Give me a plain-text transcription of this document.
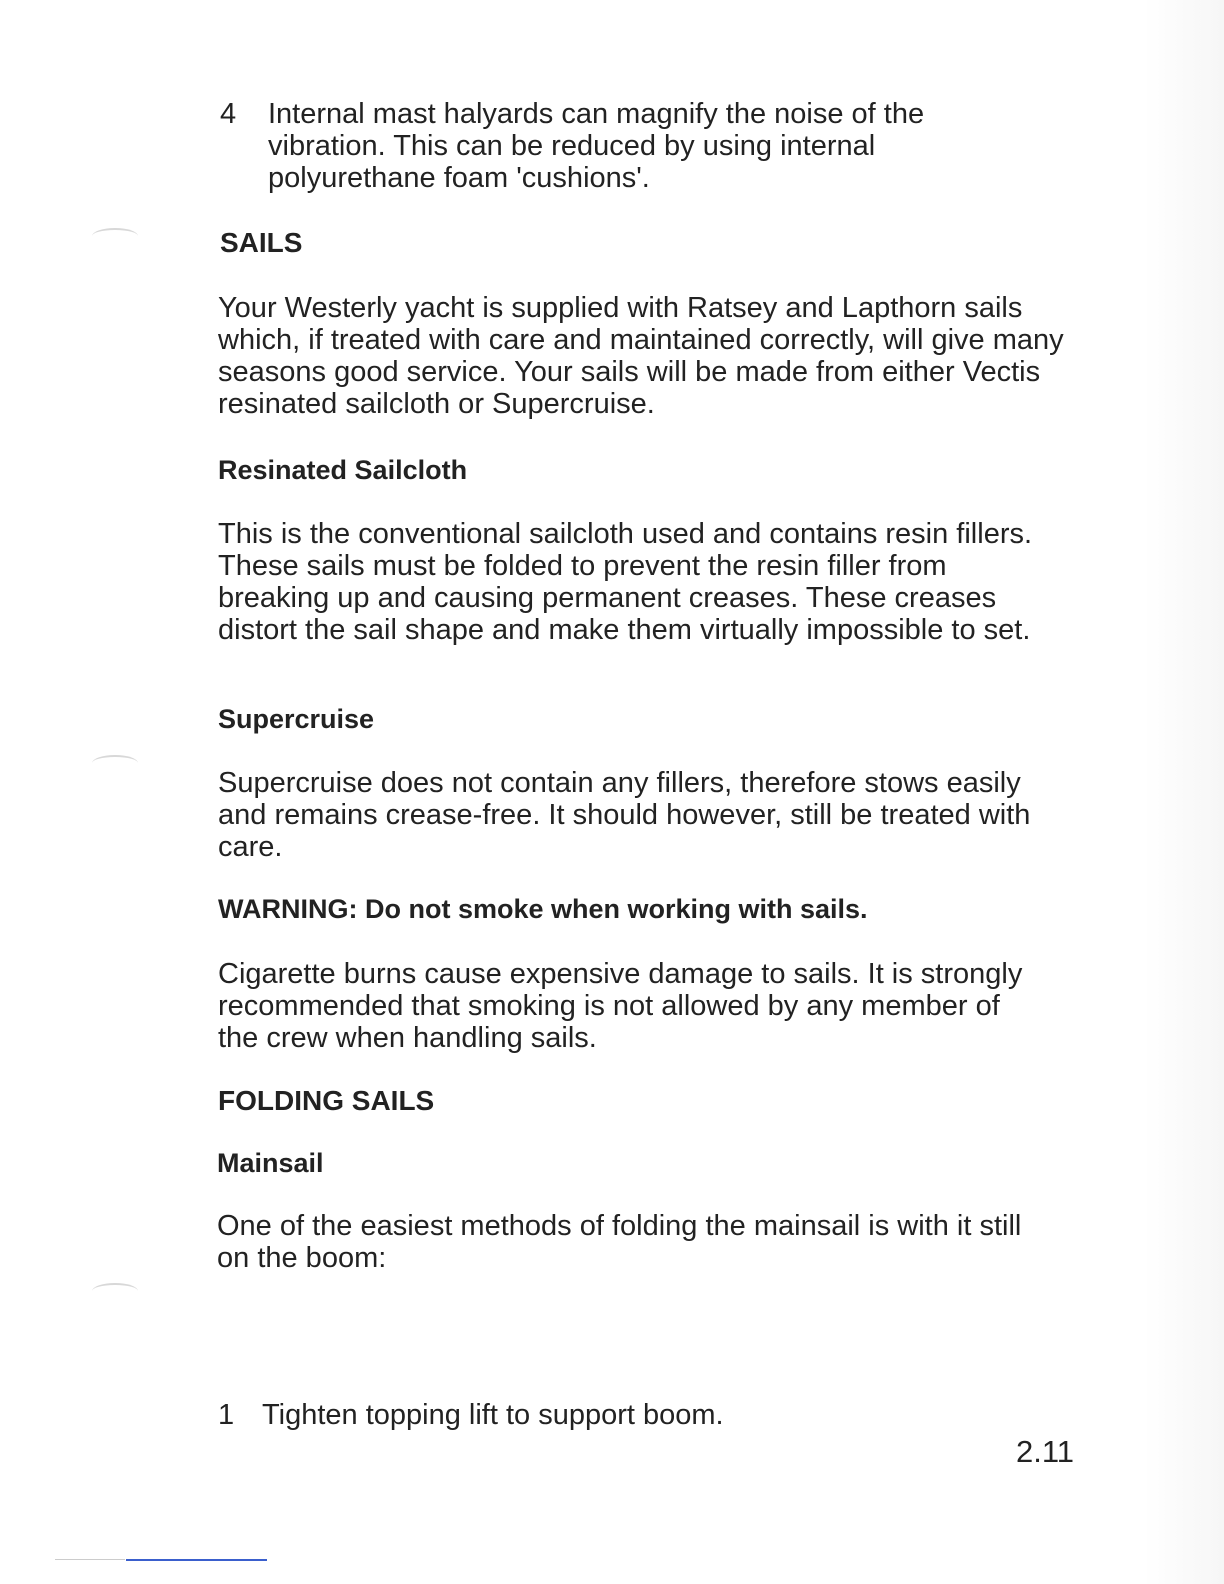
4 Internal mast halyards can magnify the noise of the vibration. This can be reduced by using internal polyurethane foam 'cushions'.
SAILS

Your Westerly yacht is supplied with Ratsey and Lapthorn sails which, if treated with care and maintained correctly, will give many seasons good service. Your sails will be made from either Vectis resinated sailcloth or Supercruise.

Resinated Sailcloth

This is the conventional sailcloth used and contains resin fillers. These sails must be folded to prevent the resin filler from breaking up and causing permanent creases. These creases distort the sail shape and make them virtually impossible to set.

Supercruise

Supercruise does not contain any fillers, therefore stows easily and remains crease-free. It should however, still be treated with care.

WARNING: Do not smoke when working with sails.

Cigarette burns cause expensive damage to sails. It is strongly recommended that smoking is not allowed by any member of the crew when handling sails.

FOLDING SAILS
Mainsail

One of the easiest methods of folding the mainsail is with it still on the boom:

1 Tighten topping lift to support boom.
2.11
